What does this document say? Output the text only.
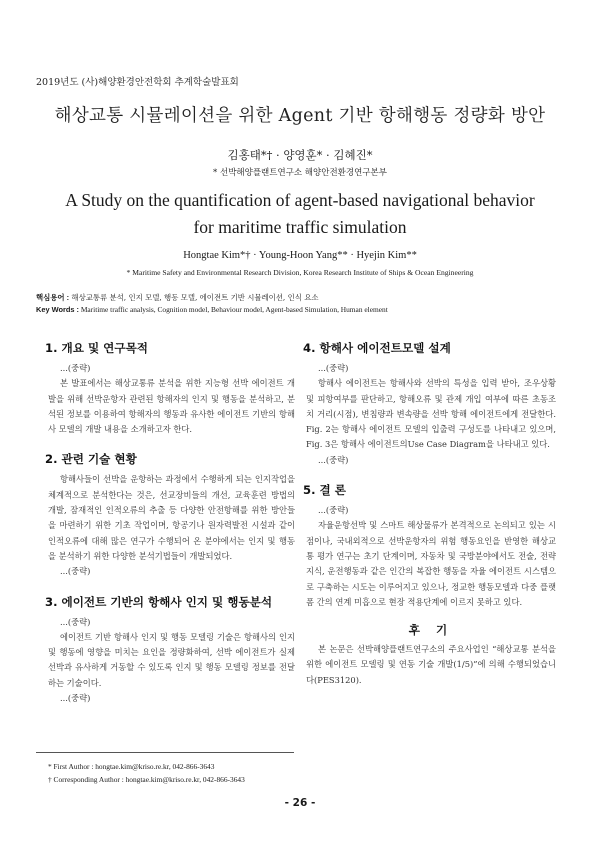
2019년도 (사)해양환경안전학회 추계학술발표회
해상교통 시뮬레이션을 위한 Agent 기반 항해행동 정량화 방안
김홍태*† · 양영훈* · 김혜진*
* 선박해양플랜트연구소 해양안전환경연구본부
A Study on the quantification of agent-based navigational behavior
for maritime traffic simulation
Hongtae Kim*† · Young-Hoon Yang** · Hyejin Kim**
* Maritime Safety and Environmental Research Division, Korea Research Institute of Ships & Ocean Engineering
핵심용어 : 해상교통류 분석, 인지 모델, 행동 모델, 에이전트 기반 시뮬레이션, 인식 요소
Key Words : Maritime traffic analysis, Cognition model, Behaviour model, Agent-based Simulation, Human element
1. 개요 및 연구목적

...(중략)

본 발표에서는 해상교통류 분석을 위한 지능형 선박 에이전트 개발을 위해 선박운항자 관련된 항해자의 인지 및 행동을 분석하고, 분석된 정보를 이용하여 항해자의 행동과 유사한 에이전트 기반의 항해사 모델의 개발 내용을 소개하고자 한다.

2. 관련 기술 현황

항해사들이 선박을 운항하는 과정에서 수행하게 되는 인지작업을 체계적으로 분석한다는 것은, 선교장비들의 개선, 교육훈련 방법의 개발, 잠재적인 인적오류의 추출 등 다양한 안전항해를 위한 방안들을 마련하기 위한 기초 작업이며, 항공기나 원자력발전 시설과 같이 인적오류에 대해 많은 연구가 수행되어 온 분야에서는 인지 및 행동을 분석하기 위한 다양한 분석기법들이 개발되었다.
...(중략)

3. 에이전트 기반의 항해사 인지 및 행동분석

...(중략)

에이전트 기반 항해사 인지 및 행동 모델링 기술은 항해사의 인지 및 행동에 영향을 미치는 요인을 정량화하여, 선박 에이전트가 실제 선박과 유사하게 거동할 수 있도록 인지 및 행동 모델링 정보를 전달하는 기술이다.
...(중략)

4. 항해사 에이전트모델 설계

...(중략)

항해사 에이전트는 항해사와 선박의 특성을 입력 받아, 조우상황 및 피항여부를 판단하고, 항해오류 및 관제 개입 여부에 따른 초동조치 거리(시점), 변침량과 변속량을 선박 항해 에이전트에게 전달한다. Fig. 2는 항해사 에이전트 모델의 입출력 구성도를 나타내고 있으며, Fig. 3은 항해사 에이전트의Use Case Diagram을 나타내고 있다.
...(중략)

5. 결 론

...(중략)

자율운항선박 및 스마트 해상물류가 본격적으로 논의되고 있는 시점이나, 국내외적으로 선박운항자의 위험 행동요인을 반영한 해상교통 평가 연구는 초기 단계이며, 자동차 및 국방분야에서도 전술, 전략지식, 운전행동과 같은 인간의 복잡한 행동을 자율 에이전트 시스템으로 구축하는 시도는 이루어지고 있으나, 정교한 행동모델과 다중 플랫폼 간의 연계 미흡으로 현장 적용단계에 이르지 못하고 있다.

후 기

본 논문은 선박해양플랜트연구소의 주요사업인 “해상교통 분석을 위한 에이전트 모델링 및 연동 기술 개발(1/5)”에 의해 수행되었습니다(PES3120).

* First Author : hongtae.kim@kriso.re.kr, 042-866-3643
† Corresponding Author : hongtae.kim@kriso.re.kr, 042-866-3643
- 26 -
